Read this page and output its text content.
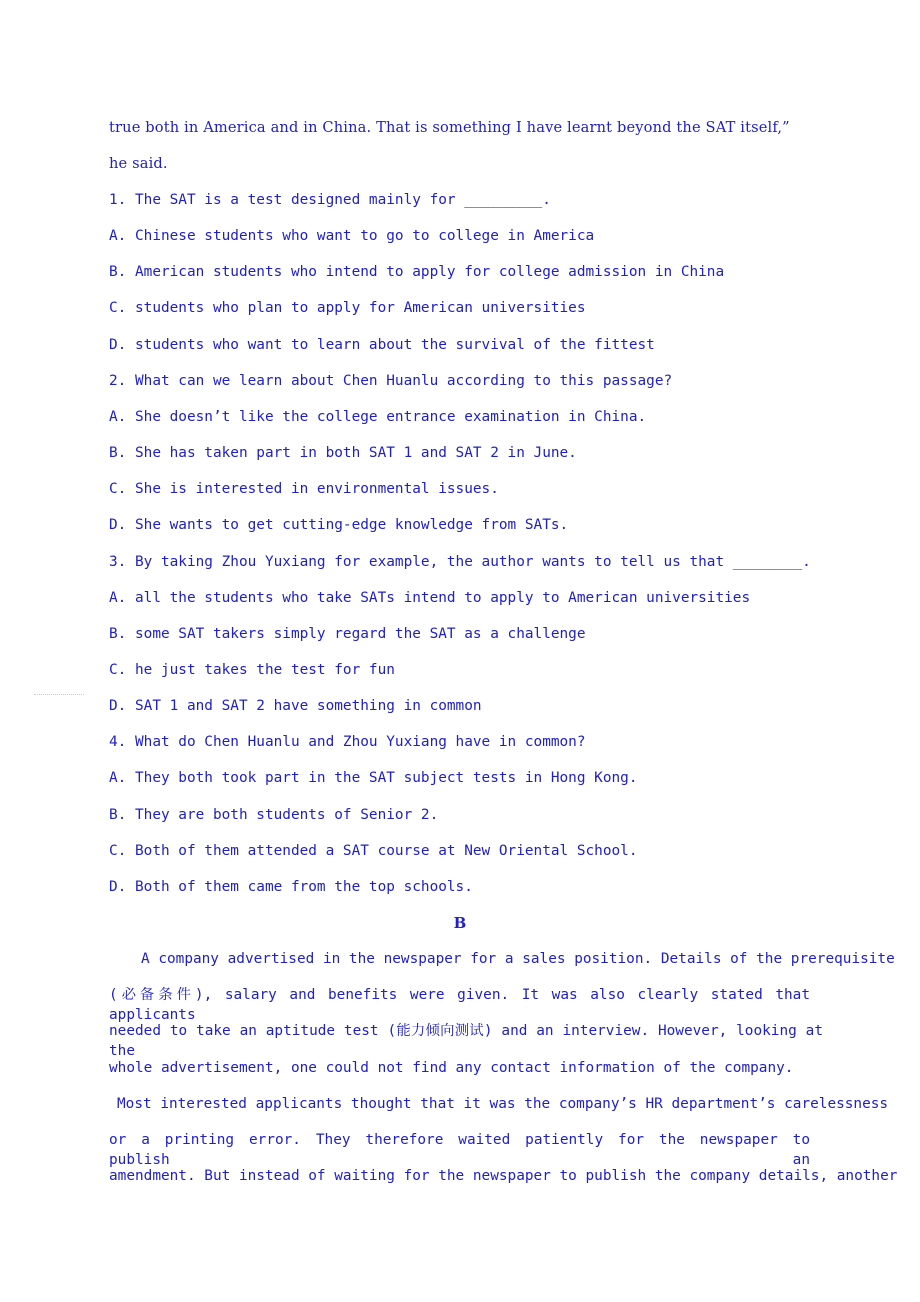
true both in America and in China. That is something I have learnt beyond the SAT itself,”
he said.
1. The SAT is a test designed mainly for _________.
A. Chinese students who want to go to college in America
B. American students who intend to apply for college admission in China
C. students who plan to apply for American universities
D. students who want to learn about the survival of the fittest
2. What can we learn about Chen Huanlu according to this passage?
A. She doesn’t like the college entrance examination in China.
B. She has taken part in both SAT 1 and SAT 2 in June.
C. She is interested in environmental issues.
D. She wants to get cutting-edge knowledge from SATs.
3. By taking Zhou Yuxiang for example, the author wants to tell us that ________.
A. all the students who take SATs intend to apply to American universities
B. some SAT takers simply regard the SAT as a challenge
C. he just takes the test for fun
D. SAT 1 and SAT 2 have something in common
4. What do Chen Huanlu and Zhou Yuxiang have in common?
A. They both took part in the SAT subject tests in Hong Kong.
B. They are both students of Senior 2.
C. Both of them attended a SAT course at New Oriental School.
D. Both of them came from the top schools.
B
A company advertised in the newspaper for a sales position. Details of the prerequisite
(必备条件), salary and benefits were given. It was also clearly stated that applicants
needed to take an aptitude test (能力倾向测试) and an interview. However, looking at the
whole advertisement, one could not find any contact information of the company.
Most interested applicants thought that it was the company’s HR department’s carelessness
or a printing error. They therefore waited patiently for the newspaper to publish an
amendment. But instead of waiting for the newspaper to publish the company details, another
